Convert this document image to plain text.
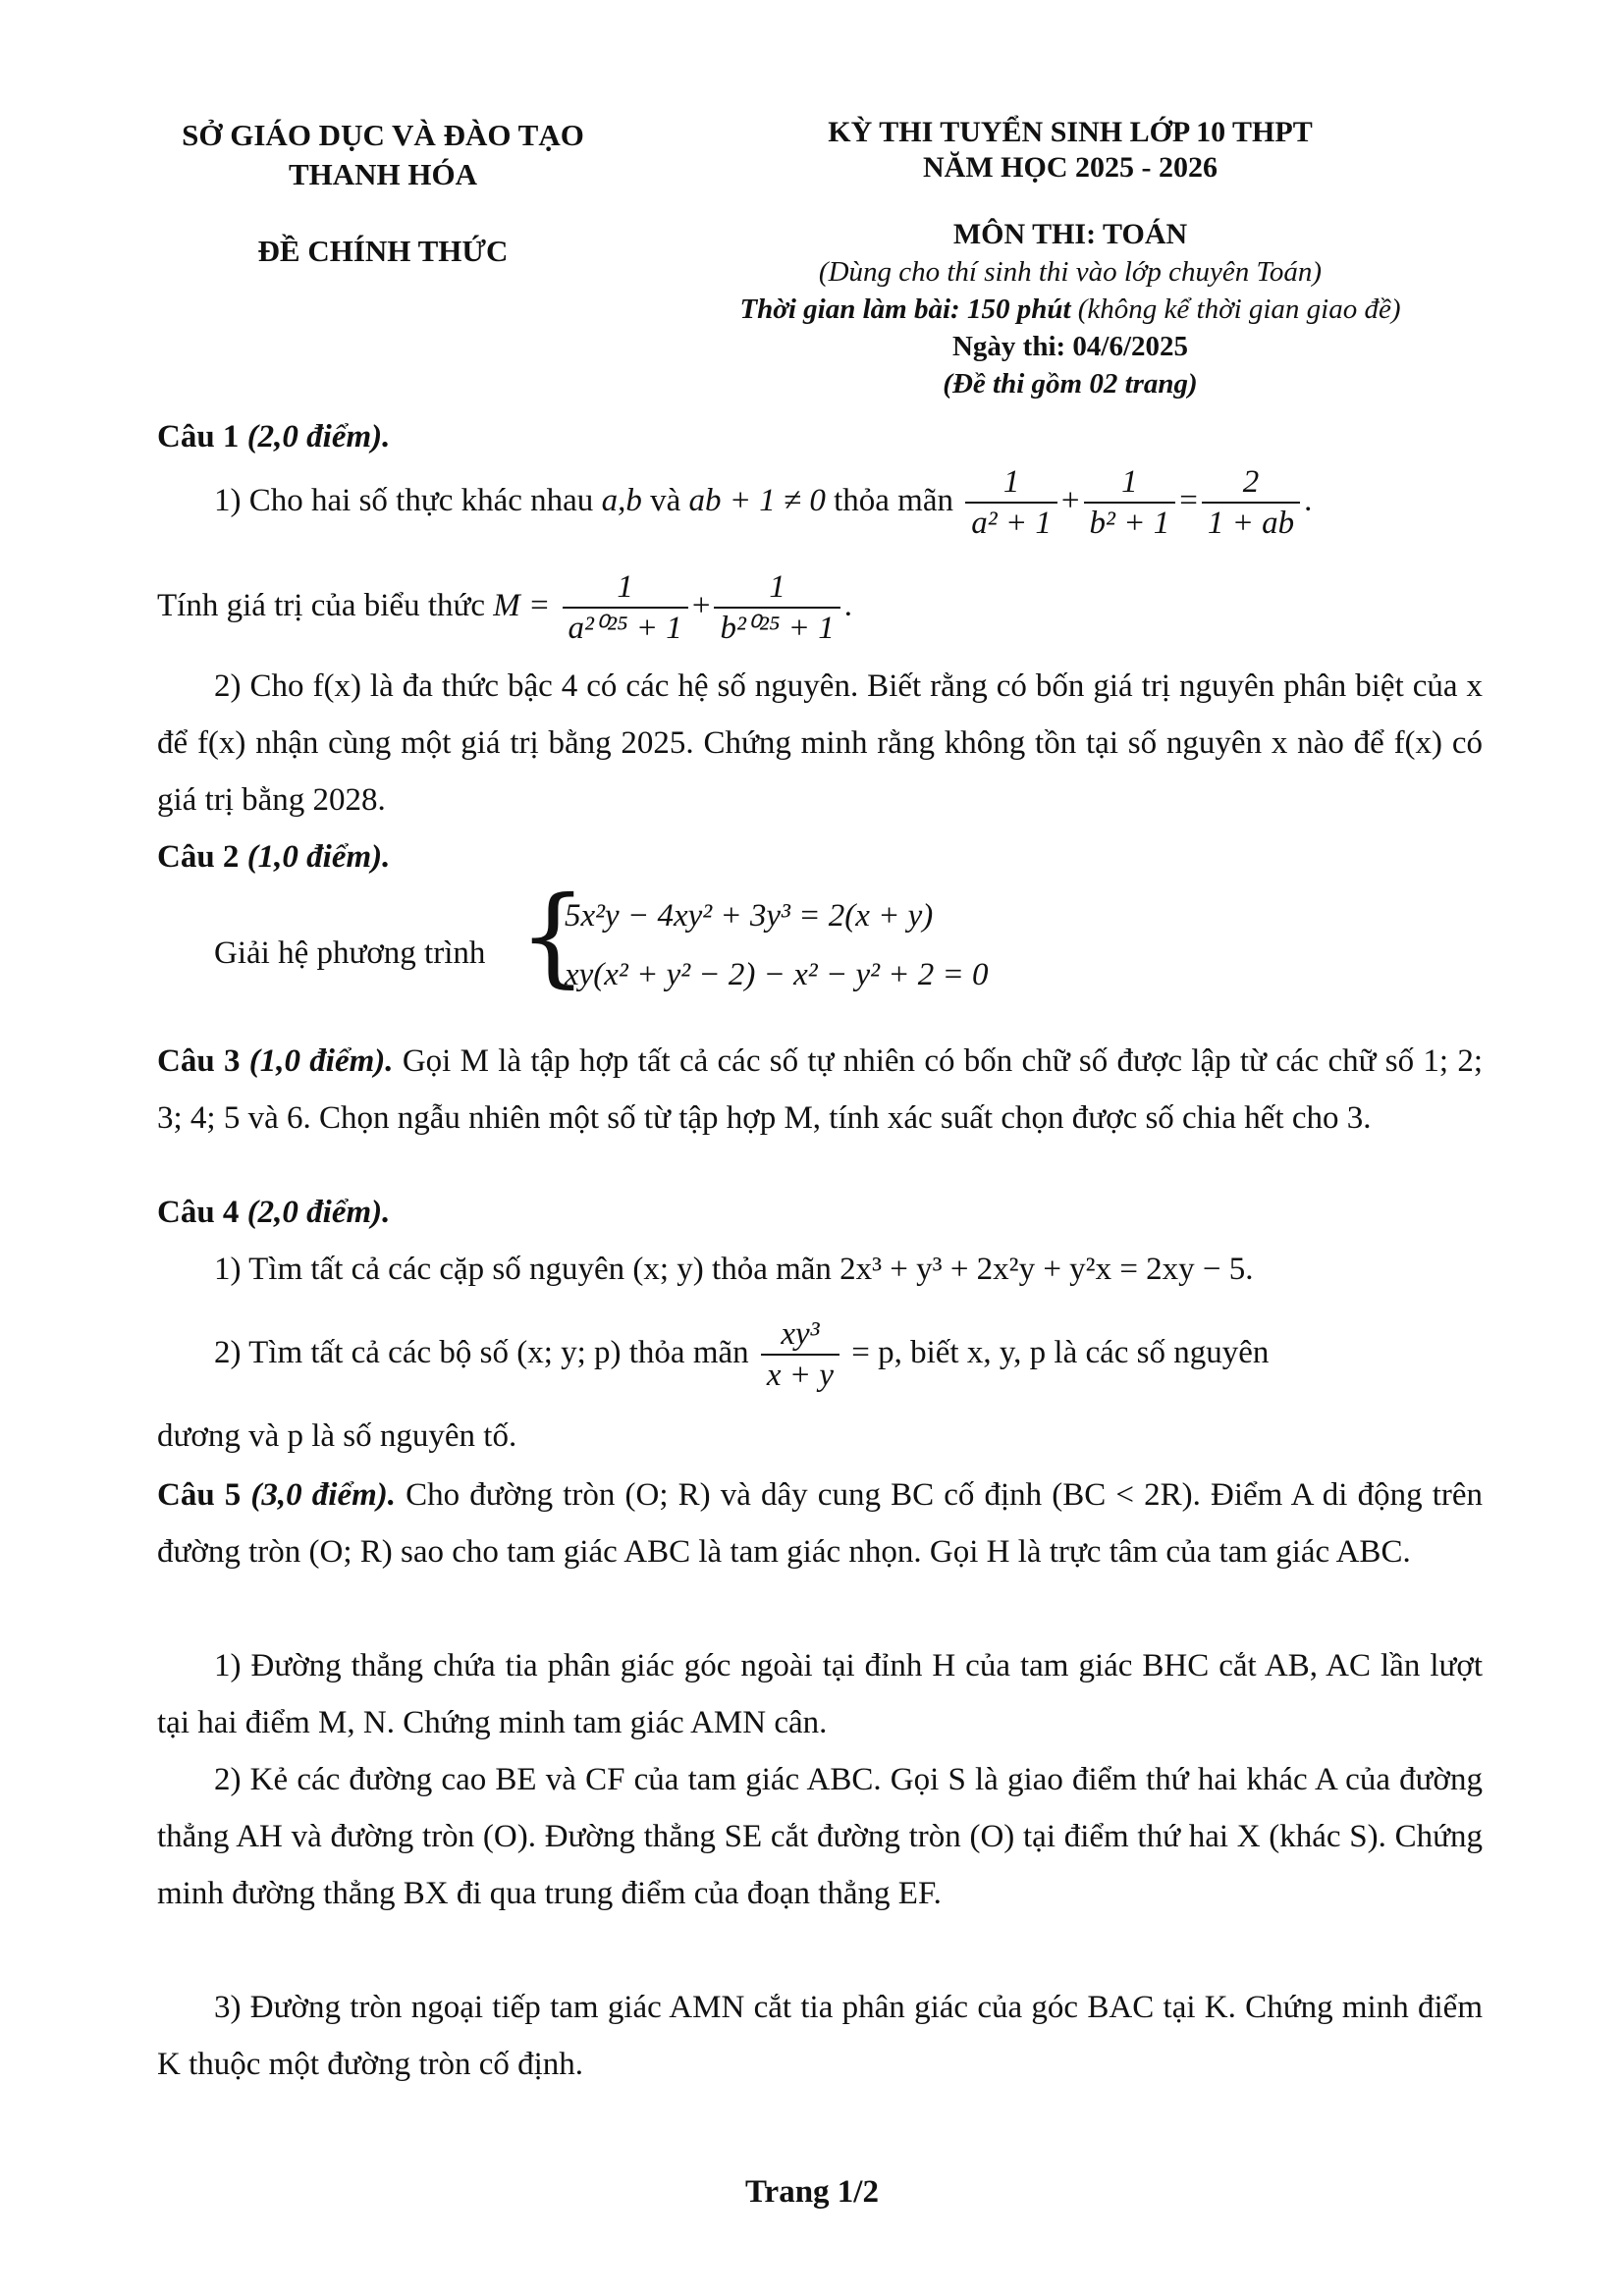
SỞ GIÁO DỤC VÀ ĐÀO TẠO
THANH HÓA
ĐỀ CHÍNH THỨC
KỲ THI TUYỂN SINH LỚP 10 THPT
NĂM HỌC 2025 - 2026
MÔN THI: TOÁN
(Dùng cho thí sinh thi vào lớp chuyên Toán)
Thời gian làm bài: 150 phút (không kể thời gian giao đề)
Ngày thi: 04/6/2025
(Đề thi gồm 02 trang)
Câu 1 (2,0 điểm).
1) Cho hai số thực khác nhau a,b và ab + 1 ≠ 0 thỏa mãn $\frac{1}{\text{a² + 1}} + \frac{1}{\text{b² + 1}} = \frac{2}{1 + ab}$ .
Tính giá trị của biểu thức $M = \frac{1}{\text{a²⁰²⁵ + 1}} + \frac{1}{\text{b²⁰²⁵ + 1}}$ .
2) Cho f(x) là đa thức bậc 4 có các hệ số nguyên. Biết rằng có bốn giá trị nguyên phân biệt của x để f(x) nhận cùng một giá trị bằng 2025. Chứng minh rằng không tồn tại số nguyên x nào để f(x) có giá trị bằng 2028.
Câu 2 (1,0 điểm).
Giải hệ phương trình {
5x²y − 4xy² + 3y³ = 2(x + y)
xy(x² + y² − 2) − x² − y² + 2 = 0
Câu 3 (1,0 điểm). Gọi M là tập hợp tất cả các số tự nhiên có bốn chữ số được lập từ các chữ số 1; 2; 3; 4; 5 và 6. Chọn ngẫu nhiên một số từ tập hợp M, tính xác suất chọn được số chia hết cho 3.
Câu 4 (2,0 điểm).
1) Tìm tất cả các cặp số nguyên (x; y) thỏa mãn 2x³ + y³ + 2x²y + y²x = 2xy − 5.
2) Tìm tất cả các bộ số (x; y; p) thỏa mãn $\frac{\text{xy³}}{x + y} = p$, biết x, y, p là các số nguyên
dương và p là số nguyên tố.
Câu 5 (3,0 điểm). Cho đường tròn (O; R) và dây cung BC cố định (BC < 2R). Điểm A di động trên đường tròn (O; R) sao cho tam giác ABC là tam giác nhọn. Gọi H là trực tâm của tam giác ABC.
1) Đường thẳng chứa tia phân giác góc ngoài tại đỉnh H của tam giác BHC cắt AB, AC lần lượt tại hai điểm M, N. Chứng minh tam giác AMN cân.
2) Kẻ các đường cao BE và CF của tam giác ABC. Gọi S là giao điểm thứ hai khác A của đường thẳng AH và đường tròn (O). Đường thẳng SE cắt đường tròn (O) tại điểm thứ hai X (khác S). Chứng minh đường thẳng BX đi qua trung điểm của đoạn thẳng EF.
3) Đường tròn ngoại tiếp tam giác AMN cắt tia phân giác của góc BAC tại K. Chứng minh điểm K thuộc một đường tròn cố định.
Trang 1/2
